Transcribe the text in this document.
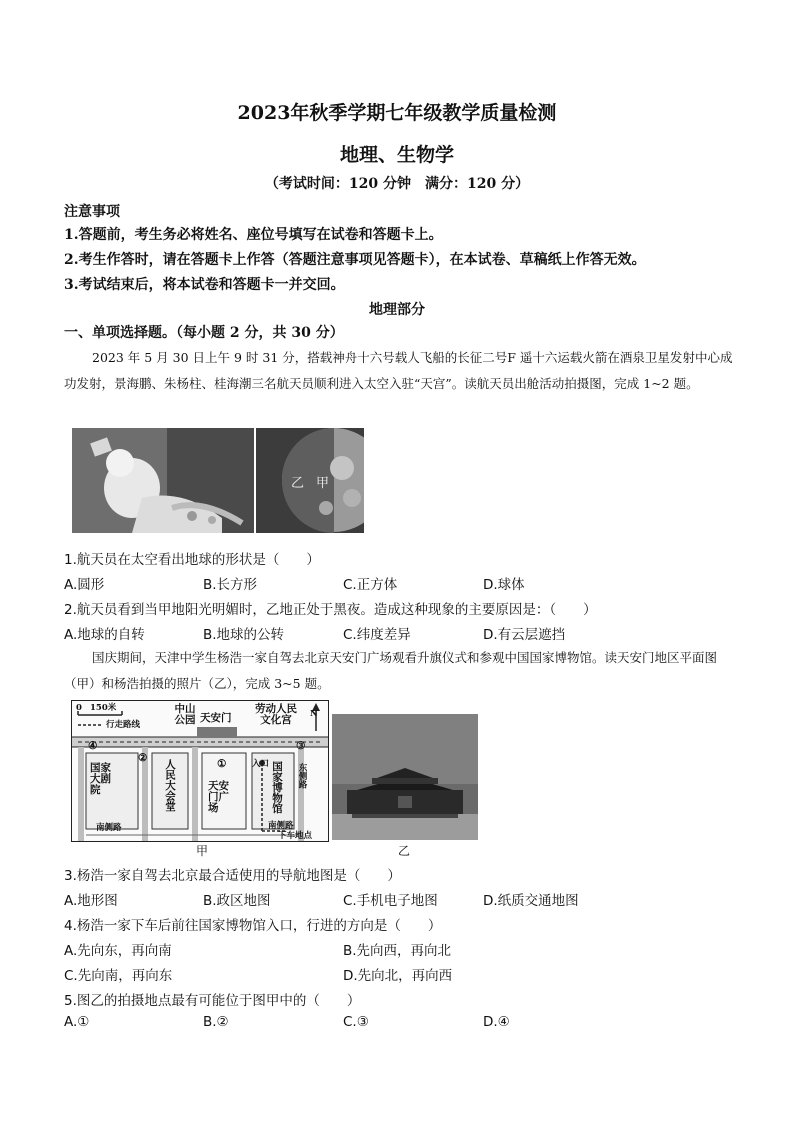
2023年秋季学期七年级教学质量检测
地理、生物学
（考试时间：120 分钟　满分：120 分）
注意事项
1.答题前，考生务必将姓名、座位号填写在试卷和答题卡上。
2.考生作答时，请在答题卡上作答（答题注意事项见答题卡），在本试卷、草稿纸上作答无效。
3.考试结束后，将本试卷和答题卡一并交回。
地理部分
一、单项选择题。（每小题 2 分，共 30 分）
2023 年 5 月 30 日上午 9 时 31 分，搭载神舟十六号载人飞船的长征二号F 遥十六运载火箭在酒泉卫星发射中心成功发射，景海鹏、朱杨柱、桂海潮三名航天员顺利进入太空入驻“天宫”。读航天员出舱活动拍摄图，完成 1~2 题。
乙 甲
1.航天员在太空看出地球的形状是（　　）
A.圆形	B.长方形	C.正方体	D.球体
2.航天员看到当甲地阳光明媚时，乙地正处于黑夜。造成这种现象的主要原因是：（　　）
A.地球的自转	B.地球的公转	C.纬度差异	D.有云层遮挡
国庆期间，天津中学生杨浩一家自驾去北京天安门广场观看升旗仪式和参观中国国家博物馆。读天安门地区平面图（甲）和杨浩拍摄的照片（乙），完成 3~5 题。
0 150米
行走路线
N
中山公园 天安门
劳动人民文化宫
国家大剧院	人民大会堂	天安门广场	国家博物馆
入口	东侧路
南侧路	南侧路
下车地点
④
②	①
③
甲	乙
3.杨浩一家自驾去北京最合适使用的导航地图是（　　）
A.地形图	B.政区地图	C.手机电子地图	D.纸质交通地图
4.杨浩一家下车后前往国家博物馆入口，行进的方向是（　　）
A.先向东，再向南	B.先向西，再向北
C.先向南，再向东	D.先向北，再向西
5.图乙的拍摄地点最有可能位于图甲中的（　　）
A.①	B.②	C.③	D.④
